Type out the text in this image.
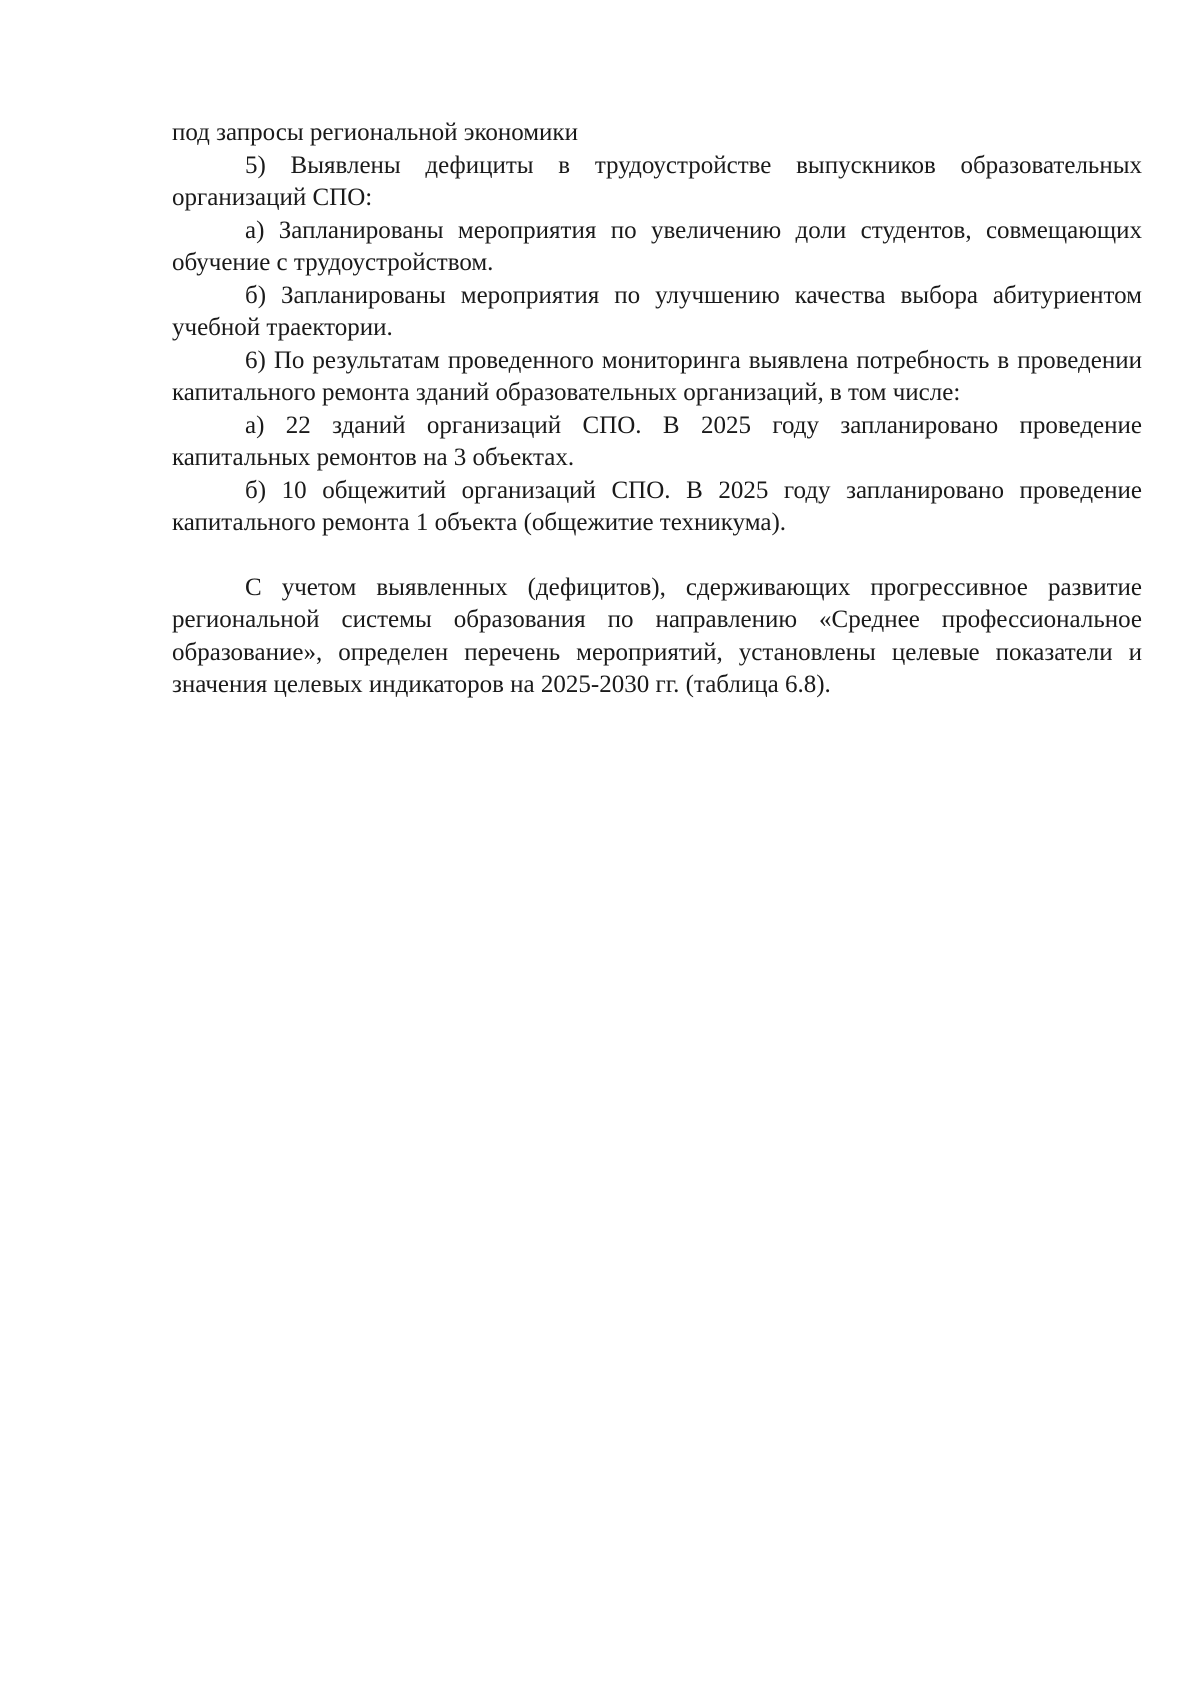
под запросы региональной экономики

5) Выявлены дефициты в трудоустройстве выпускников образовательных организаций СПО:

а) Запланированы мероприятия по увеличению доли студентов, совмещающих обучение с трудоустройством.

б) Запланированы мероприятия по улучшению качества выбора абитуриентом учебной траектории.

6) По результатам проведенного мониторинга выявлена потребность в проведении капитального ремонта зданий образовательных организаций, в том числе:

а) 22 зданий организаций СПО. В 2025 году запланировано проведение капитальных ремонтов на 3 объектах.

б) 10 общежитий организаций СПО. В 2025 году запланировано проведение капитального ремонта 1 объекта (общежитие техникума).

С учетом выявленных (дефицитов), сдерживающих прогрессивное развитие региональной системы образования по направлению «Среднее профессиональное образование», определен перечень мероприятий, установлены целевые показатели и значения целевых индикаторов на 2025-2030 гг. (таблица 6.8).
